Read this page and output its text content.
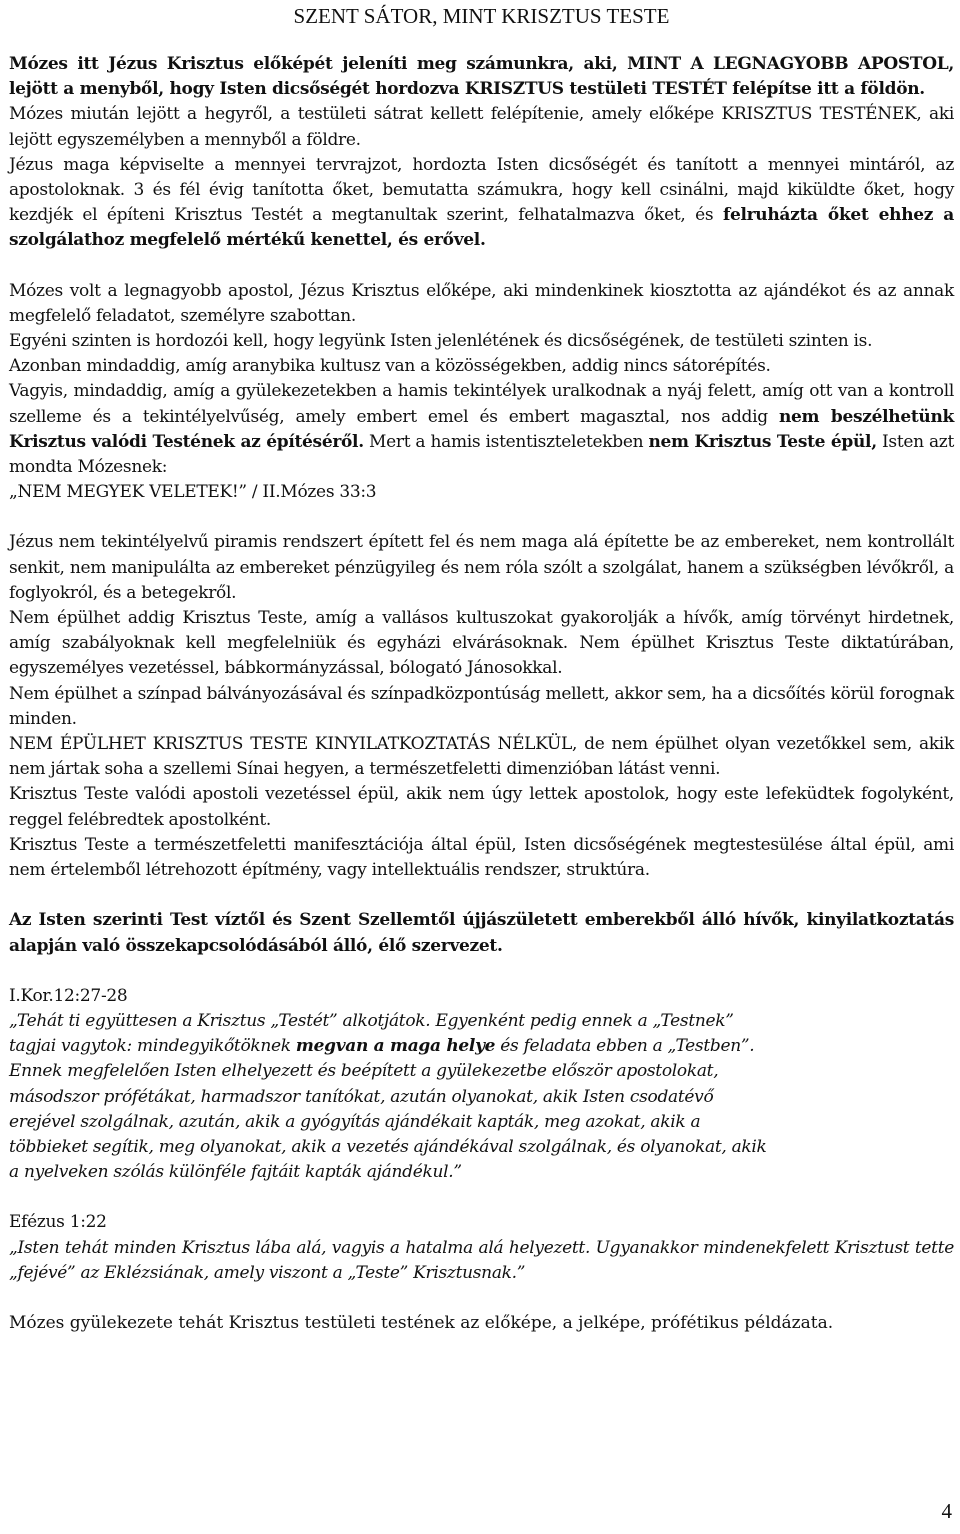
SZENT SÁTOR, MINT KRISZTUS TESTE

Mózes itt Jézus Krisztus előképét jeleníti meg számunkra, aki, MINT A LEGNAGYOBB APOSTOL, lejött a menyből, hogy Isten dicsőségét hordozva KRISZTUS testületi TESTÉT felépítse itt a földön.

Mózes miután lejött a hegyről, a testületi sátrat kellett felépítenie, amely előképe KRISZTUS TESTÉNEK, aki lejött egyszemélyben a mennyből a földre.

Jézus maga képviselte a mennyei tervrajzot, hordozta Isten dicsőségét és tanított a mennyei mintáról, az apostoloknak. 3 és fél évig tanította őket, bemutatta számukra, hogy kell csinálni, majd kiküldte őket, hogy kezdjék el építeni Krisztus Testét a megtanultak szerint, felhatalmazva őket, és felruházta őket ehhez a szolgálathoz megfelelő mértékű kenettel, és erővel.

Mózes volt a legnagyobb apostol, Jézus Krisztus előképe, aki mindenkinek kiosztotta az ajándékot és az annak megfelelő feladatot, személyre szabottan.

Egyéni szinten is hordozói kell, hogy legyünk Isten jelenlétének és dicsőségének, de testületi szinten is.

Azonban mindaddig, amíg aranybika kultusz van a közösségekben, addig nincs sátorépítés.

Vagyis, mindaddig, amíg a gyülekezetekben a hamis tekintélyek uralkodnak a nyáj felett, amíg ott van a kontroll szelleme és a tekintélyelvűség, amely embert emel és embert magasztal, nos addig nem beszélhetünk Krisztus valódi Testének az építéséről. Mert a hamis istentiszteletekben nem Krisztus Teste épül, Isten azt mondta Mózesnek:

„NEM MEGYEK VELETEK!” / II.Mózes 33:3

Jézus nem tekintélyelvű piramis rendszert épített fel és nem maga alá építette be az embereket, nem kontrollált senkit, nem manipulálta az embereket pénzügyileg és nem róla szólt a szolgálat, hanem a szükségben lévőkről, a foglyokról, és a betegekről.

Nem épülhet addig Krisztus Teste, amíg a vallásos kultuszokat gyakorolják a hívők, amíg törvényt hirdetnek, amíg szabályoknak kell megfelelniük és egyházi elvárásoknak. Nem épülhet Krisztus Teste diktatúrában, egyszemélyes vezetéssel, bábkormányzással, bólogató Jánosokkal.

Nem épülhet a színpad bálványozásával és színpadközpontúság mellett, akkor sem, ha a dicsőítés körül forognak minden.

NEM ÉPÜLHET KRISZTUS TESTE KINYILATKOZTATÁS NÉLKÜL, de nem épülhet olyan vezetőkkel sem, akik nem jártak soha a szellemi Sínai hegyen, a természetfeletti dimenzióban látást venni.

Krisztus Teste valódi apostoli vezetéssel épül, akik nem úgy lettek apostolok, hogy este lefeküdtek fogolyként, reggel felébredtek apostolként.

Krisztus Teste a természetfeletti manifesztációja által épül, Isten dicsőségének megtestesülése által épül, ami nem értelemből létrehozott építmény, vagy intellektuális rendszer, struktúra.

Az Isten szerinti Test víztől és Szent Szellemtől újjászületett emberekből álló hívők, kinyilatkoztatás alapján való összekapcsolódásából álló, élő szervezet.

I.Kor.12:27-28

„Tehát ti együttesen a Krisztus „Testét” alkotjátok. Egyenként pedig ennek a „Testnek” tagjai vagytok: mindegyikőtöknek megvan a maga helye és feladata ebben a „Testben”. Ennek megfelelően Isten elhelyezett és beépített a gyülekezetbe először apostolokat, másodszor prófétákat, harmadszor tanítókat, azután olyanokat, akik Isten csodatévő erejével szolgálnak, azután, akik a gyógyítás ajándékait kapták, meg azokat, akik a többieket segítik, meg olyanokat, akik a vezetés ajándékával szolgálnak, és olyanokat, akik a nyelveken szólás különféle fajtáit kapták ajándékul.”

Efézus 1:22

„Isten tehát minden Krisztus lába alá, vagyis a hatalma alá helyezett. Ugyanakkor mindenekfelett Krisztust tette „fejévé” az Eklézsiának, amely viszont a „Teste” Krisztusnak.”

Mózes gyülekezete tehát Krisztus testületi testének az előképe, a jelképe, prófétikus példázata.

4
